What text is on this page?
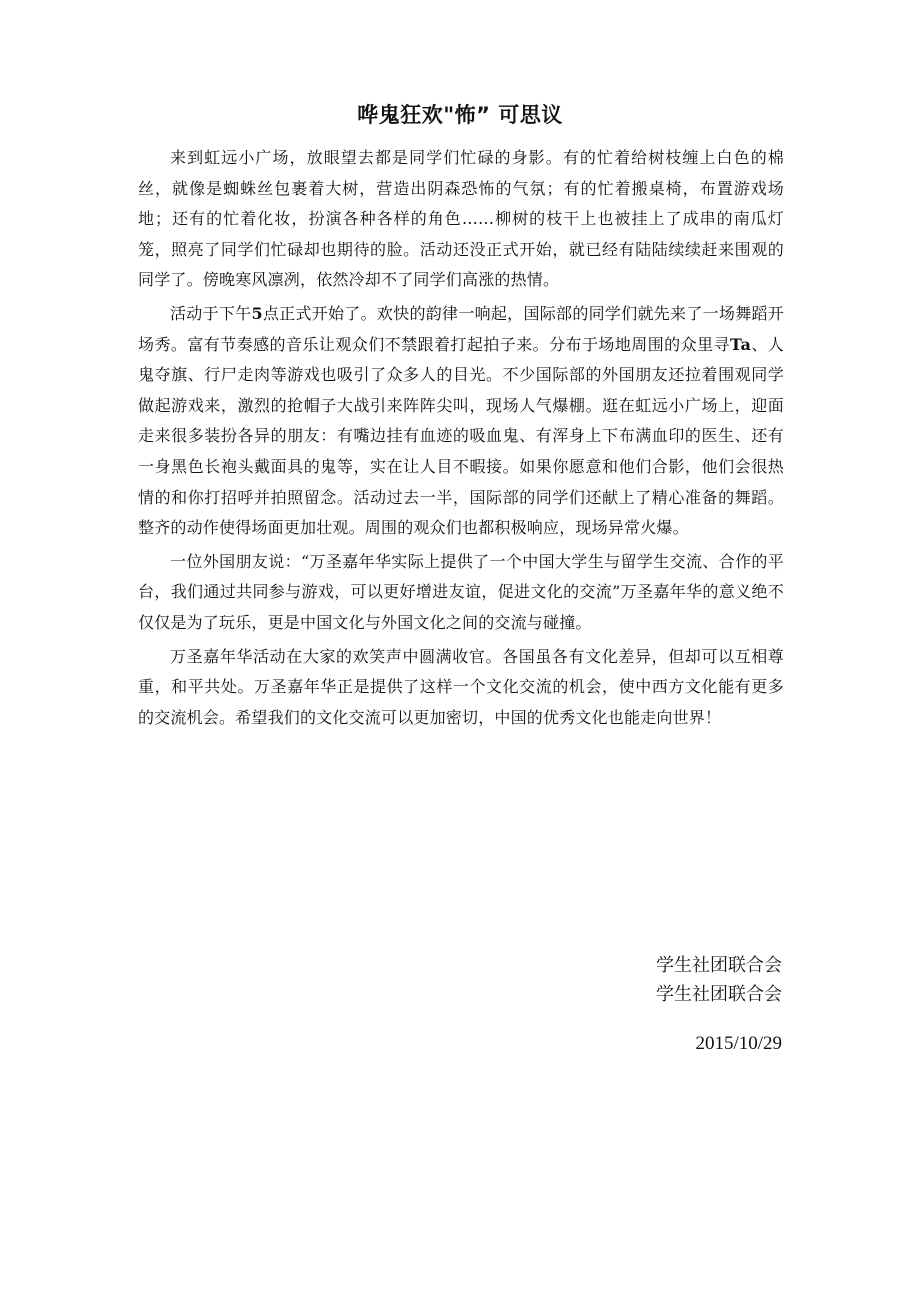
哗鬼狂欢"怖” 可思议

来到虹远小广场，放眼望去都是同学们忙碌的身影。有的忙着给树枝缠上白色的棉丝，就像是蜘蛛丝包裹着大树，营造出阴森恐怖的气氛；有的忙着搬桌椅，布置游戏场地；还有的忙着化妆，扮演各种各样的角色……柳树的枝干上也被挂上了成串的南瓜灯笼，照亮了同学们忙碌却也期待的脸。活动还没正式开始，就已经有陆陆续续赶来围观的同学了。傍晚寒风凛冽，依然冷却不了同学们高涨的热情。

活动于下午5点正式开始了。欢快的韵律一响起，国际部的同学们就先来了一场舞蹈开场秀。富有节奏感的音乐让观众们不禁跟着打起拍子来。分布于场地周围的众里寻Ta、人鬼夺旗、行尸走肉等游戏也吸引了众多人的目光。不少国际部的外国朋友还拉着围观同学做起游戏来，激烈的抢帽子大战引来阵阵尖叫，现场人气爆棚。逛在虹远小广场上，迎面走来很多装扮各异的朋友：有嘴边挂有血迹的吸血鬼、有浑身上下布满血印的医生、还有一身黑色长袍头戴面具的鬼等，实在让人目不暇接。如果你愿意和他们合影，他们会很热情的和你打招呼并拍照留念。活动过去一半，国际部的同学们还献上了精心准备的舞蹈。整齐的动作使得场面更加壮观。周围的观众们也都积极响应，现场异常火爆。

一位外国朋友说：“万圣嘉年华实际上提供了一个中国大学生与留学生交流、合作的平台，我们通过共同参与游戏，可以更好增进友谊，促进文化的交流”万圣嘉年华的意义绝不仅仅是为了玩乐，更是中国文化与外国文化之间的交流与碰撞。

万圣嘉年华活动在大家的欢笑声中圆满收官。各国虽各有文化差异，但却可以互相尊重，和平共处。万圣嘉年华正是提供了这样一个文化交流的机会，使中西方文化能有更多的交流机会。希望我们的文化交流可以更加密切，中国的优秀文化也能走向世界！

学生社团联合会
学生社团联合会
2015/10/29
